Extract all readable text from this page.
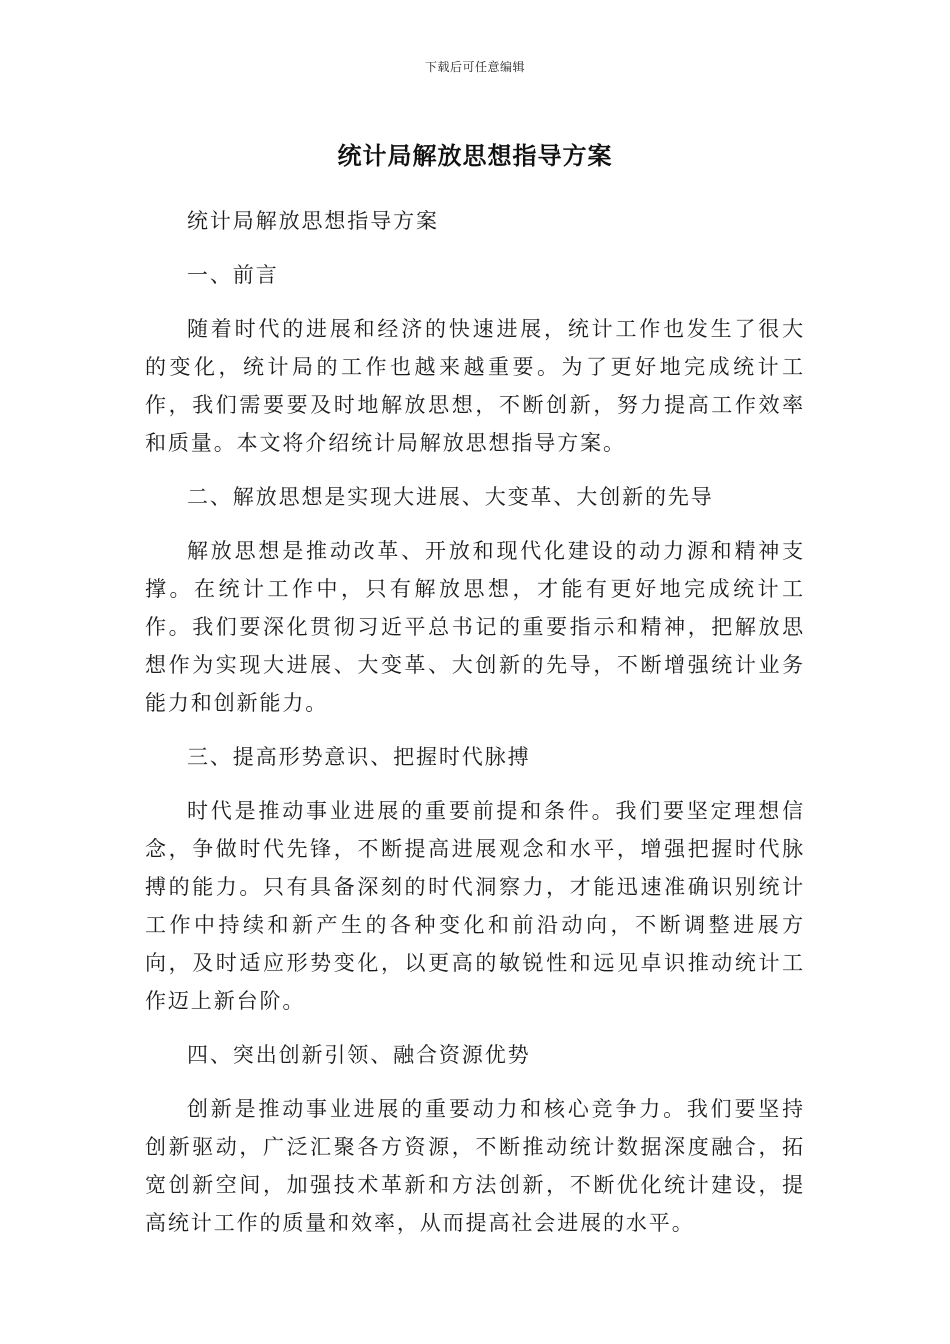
下载后可任意编辑
统计局解放思想指导方案

统计局解放思想指导方案

一、前言

随着时代的进展和经济的快速进展，统计工作也发生了很大的变化，统计局的工作也越来越重要。为了更好地完成统计工作，我们需要要及时地解放思想，不断创新，努力提高工作效率和质量。本文将介绍统计局解放思想指导方案。

二、解放思想是实现大进展、大变革、大创新的先导

解放思想是推动改革、开放和现代化建设的动力源和精神支撑。在统计工作中，只有解放思想，才能有更好地完成统计工作。我们要深化贯彻习近平总书记的重要指示和精神，把解放思想作为实现大进展、大变革、大创新的先导，不断增强统计业务能力和创新能力。

三、提高形势意识、把握时代脉搏

时代是推动事业进展的重要前提和条件。我们要坚定理想信念，争做时代先锋，不断提高进展观念和水平，增强把握时代脉搏的能力。只有具备深刻的时代洞察力，才能迅速准确识别统计工作中持续和新产生的各种变化和前沿动向，不断调整进展方向，及时适应形势变化，以更高的敏锐性和远见卓识推动统计工作迈上新台阶。

四、突出创新引领、融合资源优势

创新是推动事业进展的重要动力和核心竞争力。我们要坚持创新驱动，广泛汇聚各方资源，不断推动统计数据深度融合，拓宽创新空间，加强技术革新和方法创新，不断优化统计建设，提高统计工作的质量和效率，从而提高社会进展的水平。
